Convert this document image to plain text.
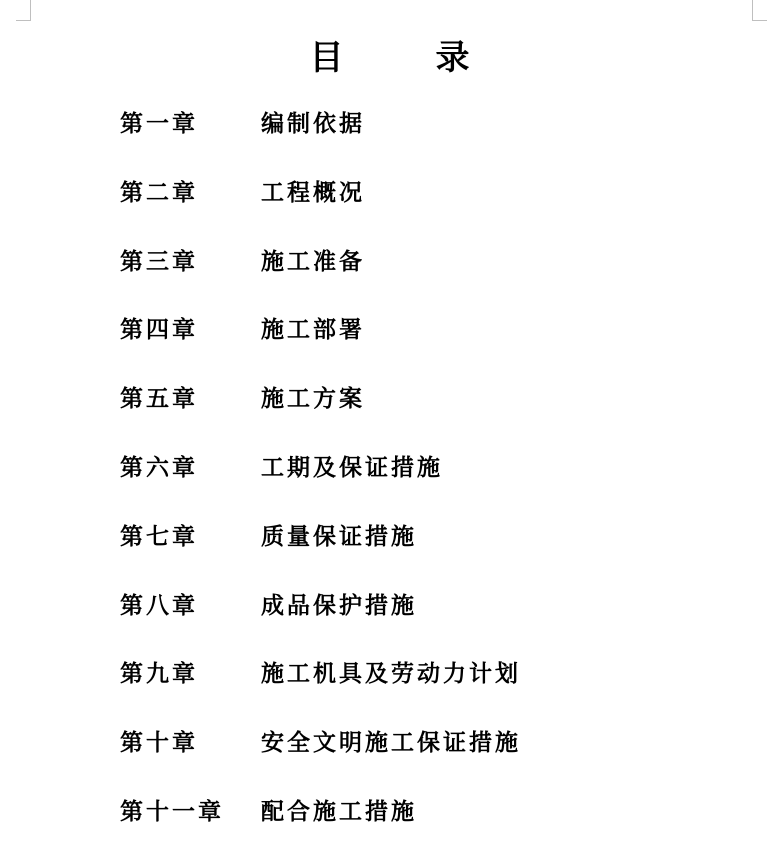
目	录
第一章	编制依据
第二章	工程概况
第三章	施工准备
第四章	施工部署
第五章	施工方案
第六章	工期及保证措施
第七章	质量保证措施
第八章	成品保护措施
第九章	施工机具及劳动力计划
第十章	安全文明施工保证措施
第十一章	配合施工措施
